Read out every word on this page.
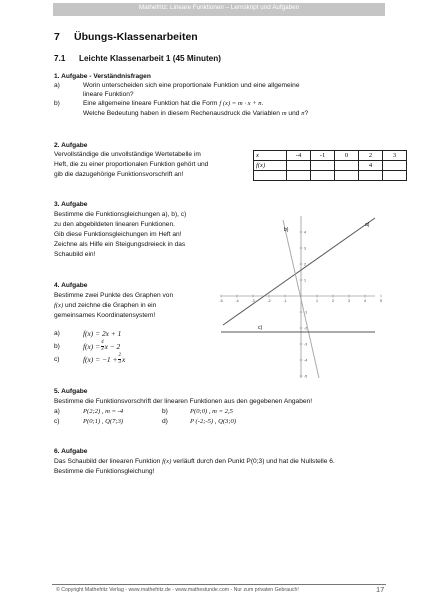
Mathefritz: Lineare Funktionen – Lernskript und Aufgaben
7 Übungs-Klassenarbeiten
7.1 Leichte Klassenarbeit 1 (45 Minuten)
1. Aufgabe - Verständnisfragen
a)	Worin unterscheiden sich eine proportionale Funktion und eine allgemeine
lineare Funktion?
b)	Eine allgemeine lineare Funktion hat die Form f (x) = m · x + n.
Welche Bedeutung haben in diesem Rechenausdruck die Variablen m und n?
2. Aufgabe
Vervollständige die unvollständige Wertetabelle im
Heft, die zu einer proportionalen Funktion gehört und
gib die dazugehörige Funktionsvorschrift an!
x	-4	-1	0	2	3
f(x)				4	

3. Aufgabe
Bestimme die Funktionsgleichungen a), b), c)
zu den abgebildeten linearen Funktionen.
Gib diese Funktionsgleichungen im Heft an!
Zeichne als Hilfe ein Steigungsdreieck in das
Schaubild ein!
-5	-4	-3	-2	-1	1	2	3	4	5
4
3
2
1
-1
-2
-3
-4
-5
a)
b)
c)
4. Aufgabe
Bestimme zwei Punkte des Graphen von
f(x) und zeichne die Graphen in ein
gemeinsames Koordinatensystem!
a)	f(x) = 2x + 1
b)	$f(x) = \frac{4}{3}$ x − 2
c)	$f(x) = -1 + \frac{2}{3}$ x
5. Aufgabe
Bestimme die Funktionsvorschrift der linearen Funktionen aus den gegebenen Angaben!
a)	P(2;2) , m = -4	b)	P(0;0) , m = 2,5
c)	P(0;1) , Q(7;3)	d)	P (-2;-5) , Q(3;0)
6. Aufgabe
Das Schaubild der linearen Funktion f(x) verläuft durch den Punkt P(0;3) und hat die Nullstelle 6.
Bestimme die Funktionsgleichung!
© Copyright Mathefritz Verlag - www.mathefritz.de - www.mathestunde.com - Nur zum privaten Gebrauch!	17
